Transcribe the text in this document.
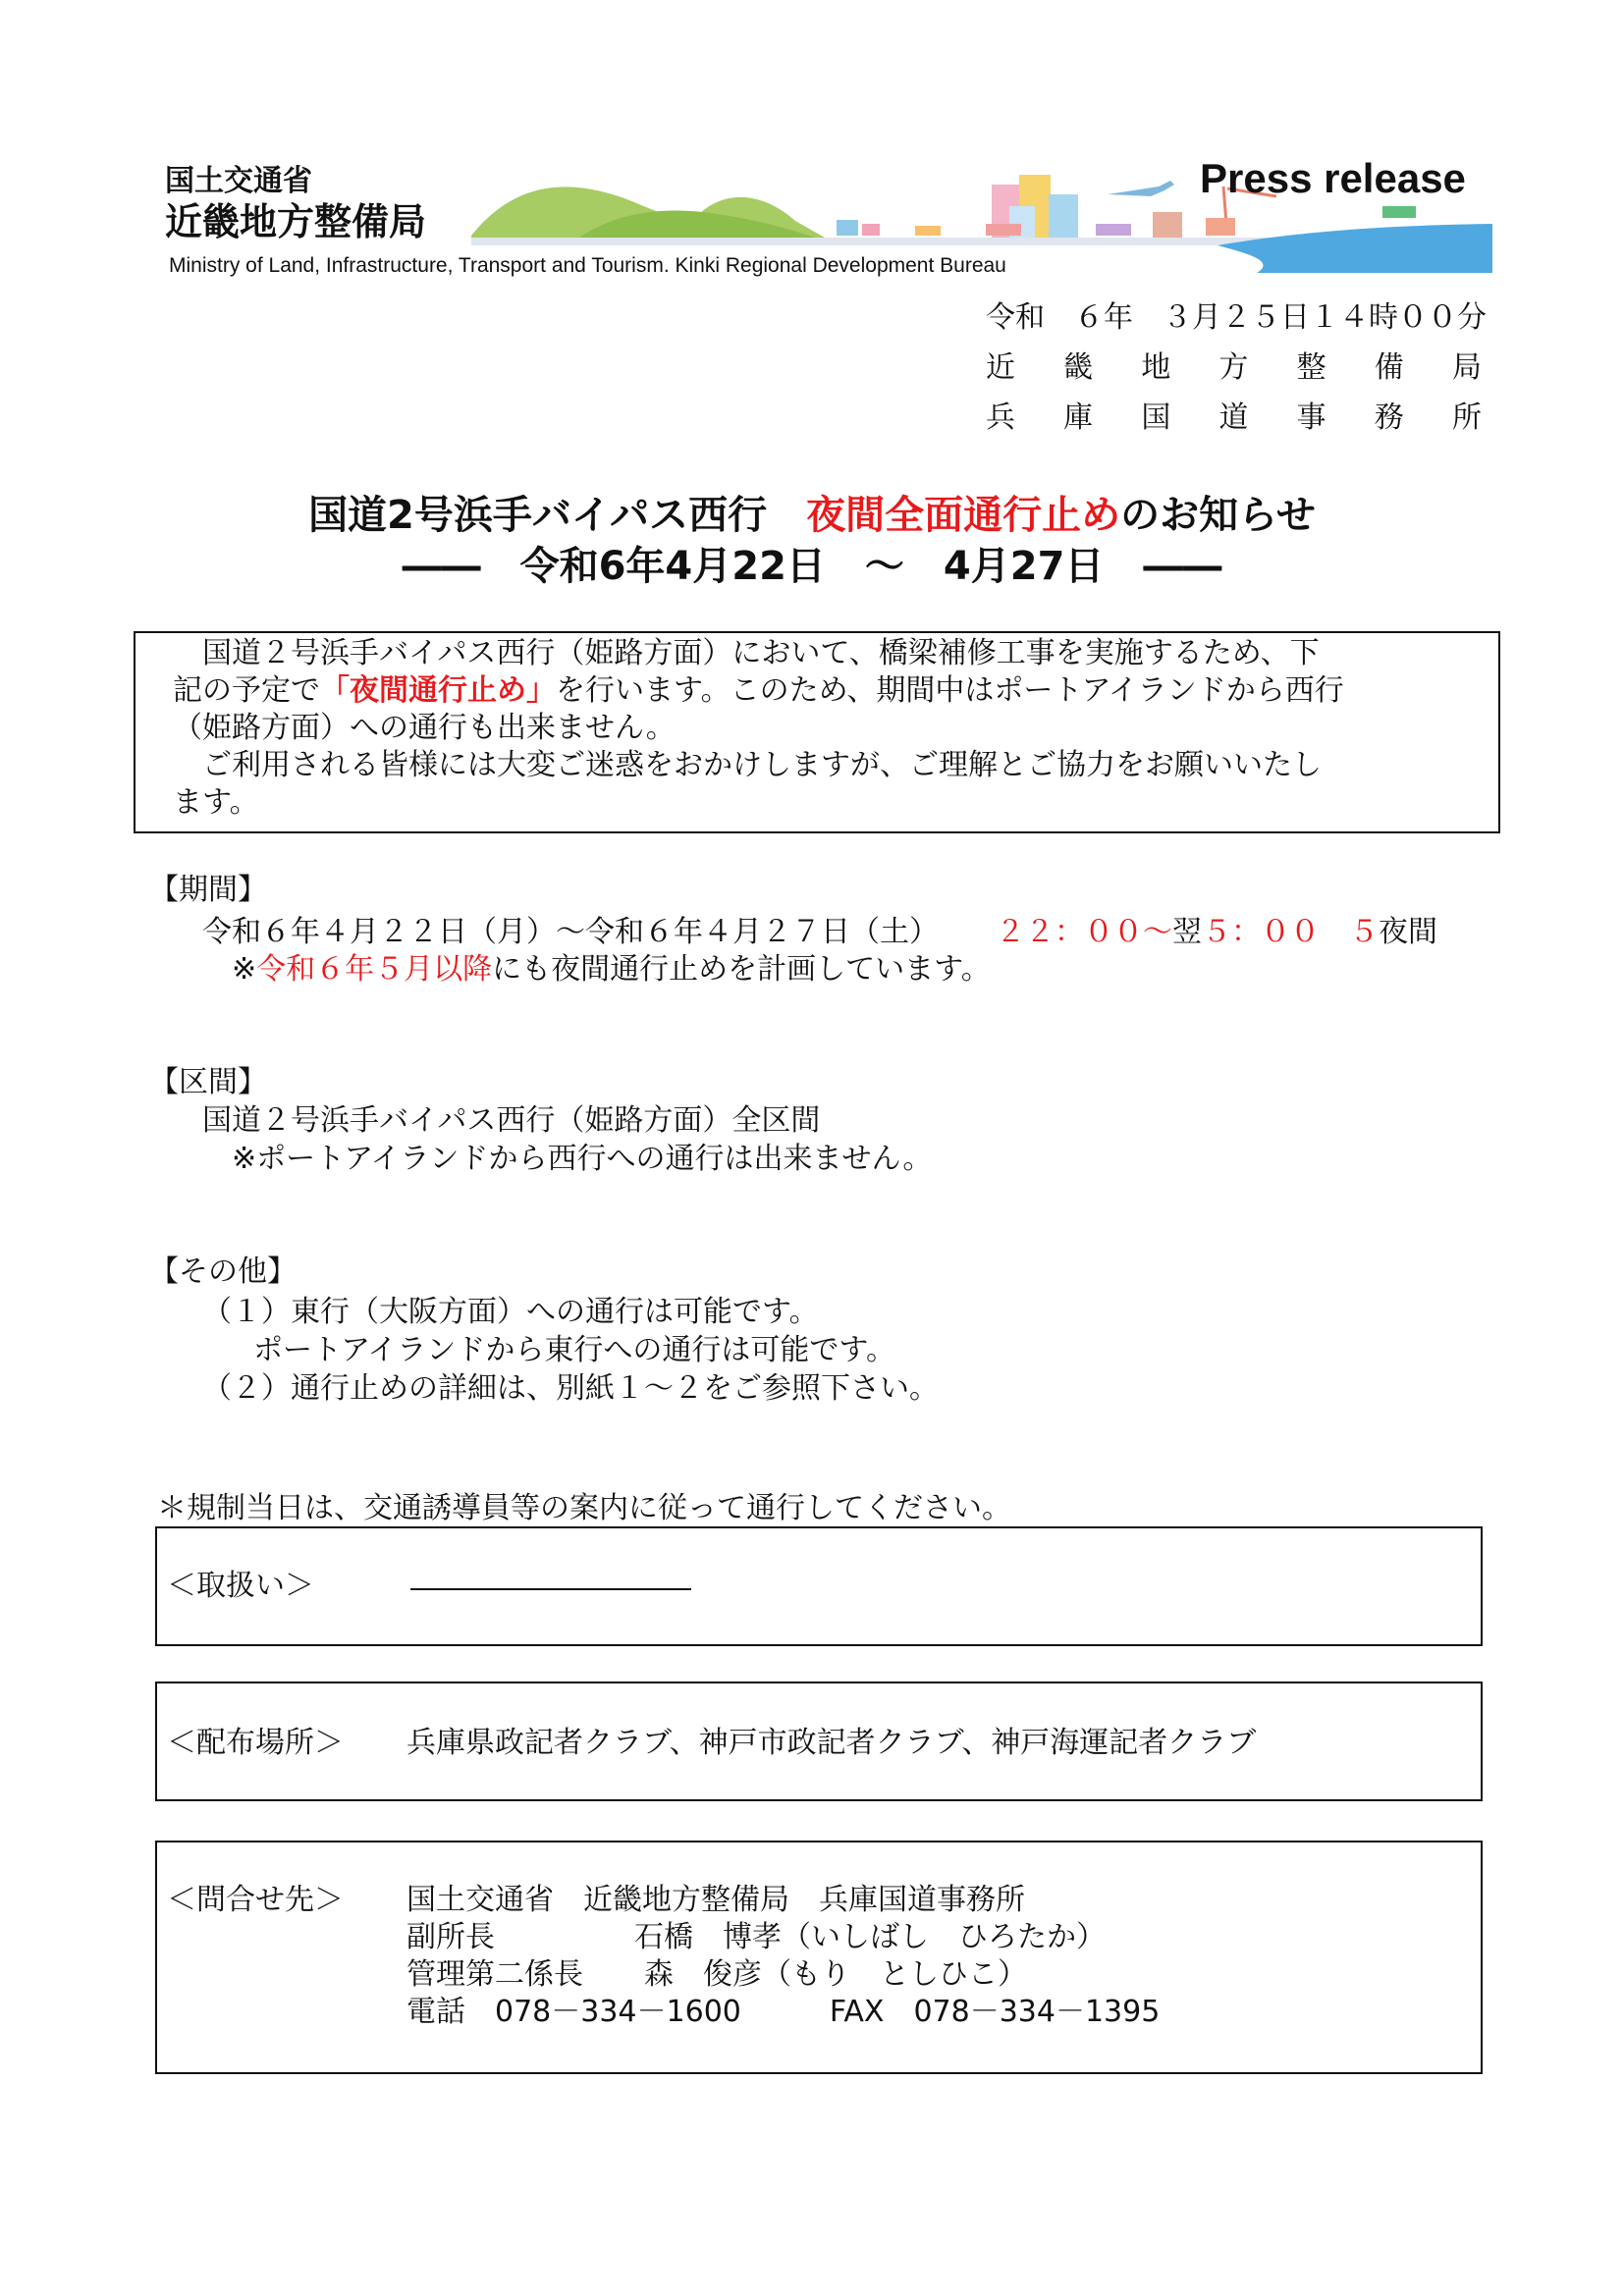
国土交通省
近畿地方整備局
Press release
Ministry of Land, Infrastructure, Transport and Tourism. Kinki Regional Development Bureau
令和　６年　３月２５日１４時００分
近 畿 地 方 整 備 局
兵 庫 国 道 事 務 所
国道2号浜手バイパス西行　夜間全面通行止めのお知らせ
――　令和6年4月22日　～　4月27日　――
　国道２号浜手バイパス西行（姫路方面）において、橋梁補修工事を実施するため、下
記の予定で「夜間通行止め」を行います。このため、期間中はポートアイランドから西行
（姫路方面）への通行も出来ません。
　ご利用される皆様には大変ご迷惑をおかけしますが、ご理解とご協力をお願いいたし
ます。
【期間】
令和６年４月２２日（月）～令和６年４月２７日（土） ２２：００～翌５：００　５夜間
※令和６年５月以降にも夜間通行止めを計画しています。
【区間】
国道２号浜手バイパス西行（姫路方面）全区間
※ポートアイランドから西行への通行は出来ません。
【その他】
（１）東行（大阪方面）への通行は可能です。
ポートアイランドから東行への通行は可能です。
（２）通行止めの詳細は、別紙１～２をご参照下さい。
＊規制当日は、交通誘導員等の案内に従って通行してください。
＜取扱い＞
＜配布場所＞ 兵庫県政記者クラブ、神戸市政記者クラブ、神戸海運記者クラブ
＜問合せ先＞ 国土交通省　近畿地方整備局　兵庫国道事務所
副所長	石橋　博孝（いしばし　ひろたか）
管理第二係長 森　俊彦（もり　としひこ）
電話　078－334－1600　　　FAX　078－334－1395
